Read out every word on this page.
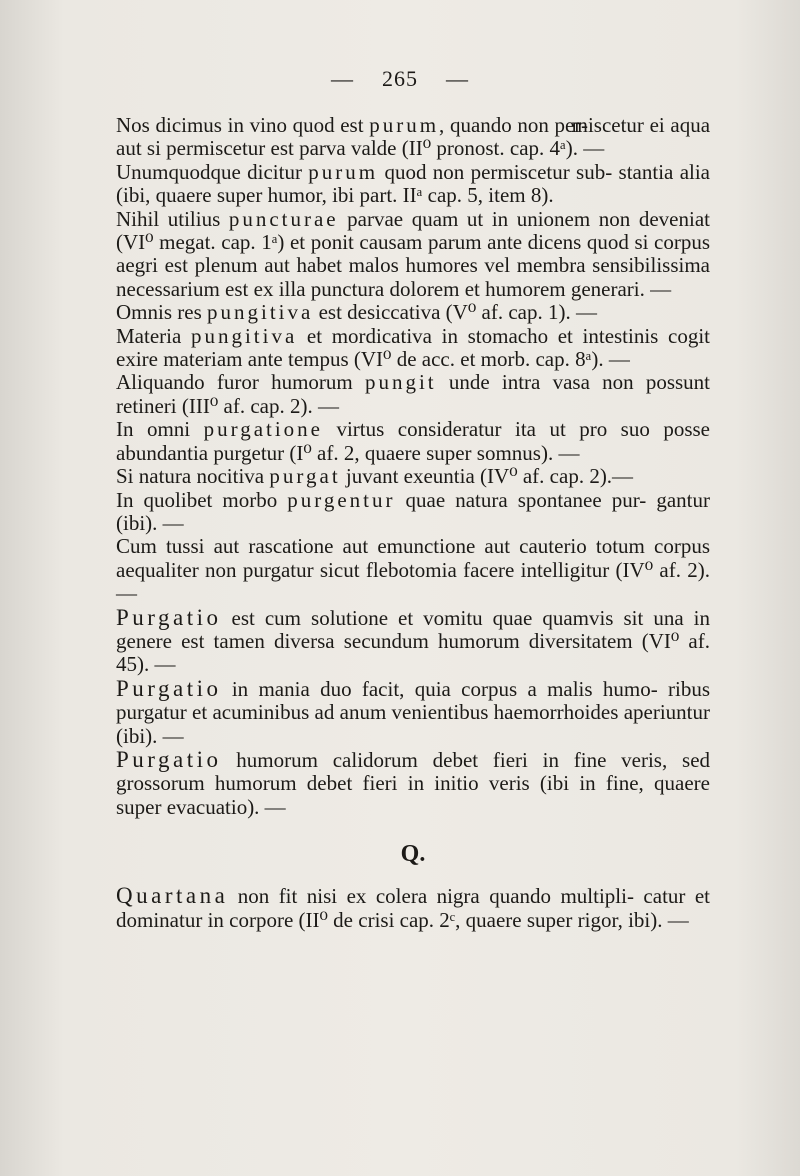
— 265 —

Nos dicimus in vino quod est purum, quando non per- miscetur ei aqua aut si permiscetur est parva valde (II⁰ pronost. cap. 4ᵃ). —

Unumquodque dicitur purum quod non permiscetur sub- stantia alia (ibi, quaere super humor, ibi part. IIᵃ cap. 5, item 8).

Nihil utilius puncturae parvae quam ut in unionem non deveniat (VI⁰ megat. cap. 1ᵃ) et ponit causam parum ante dicens quod si corpus aegri est plenum aut habet malos humores vel membra sensibilissima necessarium est ex illa punctura dolorem et humorem generari. —

Omnis res pungitiva est desiccativa (V⁰ af. cap. 1). —

Materia pungitiva et mordicativa in stomacho et intestinis cogit exire materiam ante tempus (VI⁰ de acc. et morb. cap. 8ᵃ). —

Aliquando furor humorum pungit unde intra vasa non possunt retineri (III⁰ af. cap. 2). —

In omni purgatione virtus consideratur ita ut pro suo posse abundantia purgetur (I⁰ af. 2, quaere super somnus). —

Si natura nocitiva purgat juvant exeuntia (IV⁰ af. cap. 2).—

In quolibet morbo purgentur quae natura spontanee pur- gantur (ibi). —

Cum tussi aut rascatione aut emunctione aut cauterio totum corpus aequaliter non purgatur sicut flebotomia facere intelligitur (IV⁰ af. 2). —

Purgatio est cum solutione et vomitu quae quamvis sit una in genere est tamen diversa secundum humorum diversitatem (VI⁰ af. 45). —

Purgatio in mania duo facit, quia corpus a malis humo- ribus purgatur et acuminibus ad anum venientibus haemorrhoides aperiuntur (ibi). —

Purgatio humorum calidorum debet fieri in fine veris, sed grossorum humorum debet fieri in initio veris (ibi in fine, quaere super evacuatio). —

Q.

Quartana non fit nisi ex colera nigra quando multipli- catur et dominatur in corpore (II⁰ de crisi cap. 2ᶜ, quaere super rigor, ibi). —
